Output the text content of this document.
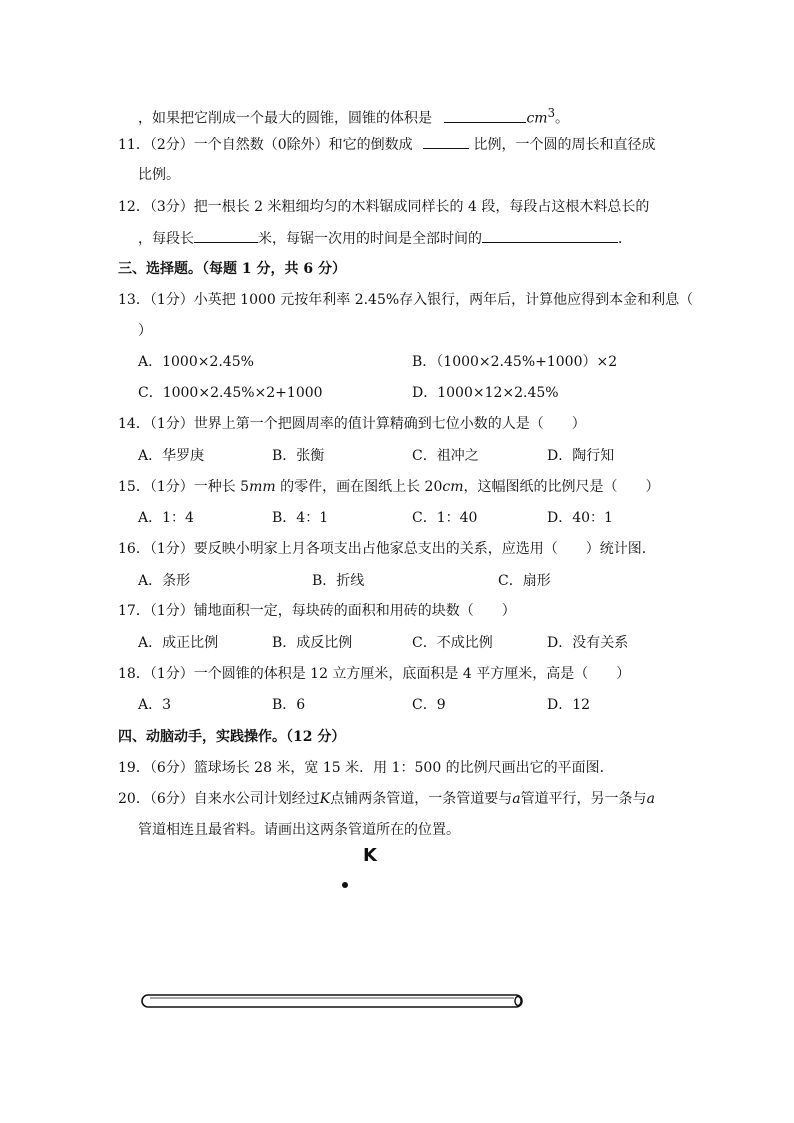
，如果把它削成一个最大的圆锥，圆锥的体积是	$cm^3$。
11．（2分）一个自然数（0除外）和它的倒数成	比例，一个圆的周长和直径成
比例。
12．（3分）把一根长 2 米粗细均匀的木料锯成同样长的 4 段，每段占这根木料总长的
，每段长	米，每锯一次用的时间是全部时间的	．
三、选择题。（每题 1 分，共 6 分）
13．（1分）小英把 1000 元按年利率 2.45%存入银行，两年后，计算他应得到本金和利息（
）
A．1000×2.45%	B．（1000×2.45%+1000）×2
C．1000×2.45%×2+1000	D．1000×12×2.45%
14．（1分）世界上第一个把圆周率的值计算精确到七位小数的人是（　　）
A．华罗庚	B．张衡	C．祖冲之	D．陶行知
15．（1分）一种长 5mm 的零件，画在图纸上长 20cm，这幅图纸的比例尺是（　　）
A．1：4	B．4：1	C．1：40	D．40：1
16．（1分）要反映小明家上月各项支出占他家总支出的关系，应选用（　　）统计图．
A．条形	B．折线	C．扇形
17．（1分）铺地面积一定，每块砖的面积和用砖的块数（　　）
A．成正比例	B．成反比例	C．不成比例	D．没有关系
18．（1分）一个圆锥的体积是 12 立方厘米，底面积是 4 平方厘米，高是（　　）
A．3	B．6	C．9	D．12
四、动脑动手，实践操作。（12 分）
19．（6分）篮球场长 28 米，宽 15 米．用 1：500 的比例尺画出它的平面图．
20．（6分）自来水公司计划经过K点铺两条管道，一条管道要与a管道平行，另一条与a
管道相连且最省料。请画出这两条管道所在的位置。
K
